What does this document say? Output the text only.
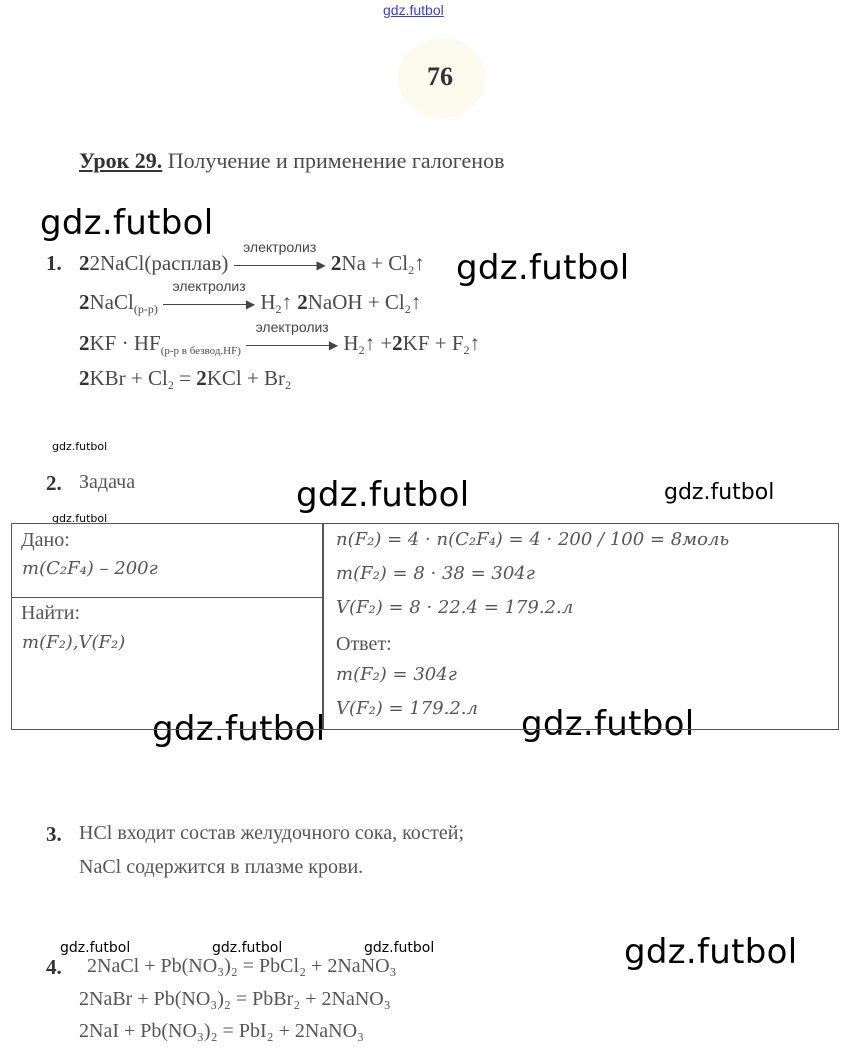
gdz.futbol
76
Урок 29. Получение и применение галогенов
gdz.futbol
gdz.futbol
gdz.futbol	gdz.futbol
gdz.futbol	gdz.futbol
gdz.futbol
gdz.futbol
gdz.futbol
gdz.futbol	gdz.futbol	gdz.futbol
1. 22NaCl(расплав)
электролиз
▶ $2Na + Cl_2↑$
2NaCl$_{(р-р)}$
электролиз
▶ $H_2↑$ 2NaOH + $Cl_2↑$
$2KF \cdot HF_{(р-р в безвод.HF)}$
электролиз
▶ $H_2↑ +2KF$ + $F_2↑$
$2KBr + Cl_2 = 2KCl + Br_2$
2. Задача
Дано:
m(C₂F₄) – 200г
Найти:
m(F₂),V(F₂)
n(F₂) = 4 · n(C₂F₄) = 4 · 200 / 100 = 8моль
m(F₂) = 8 · 38 = 304г
V(F₂) = 8 · 22.4 = 179.2.л
Ответ:
m(F₂) = 304г
V(F₂) = 179.2.л
3. HCl входит состав желудочного сока, костей;
NaCl содержится в плазме крови.
4. 2NaCl + Pb(NO₃)₂ = PbCl₂ + 2NaNO₃
2NaBr + Pb(NO₃)₂ = PbBr₂ + 2NaNO₃
2NaI + Pb(NO₃)₂ = PbI₂ + 2NaNO₃
